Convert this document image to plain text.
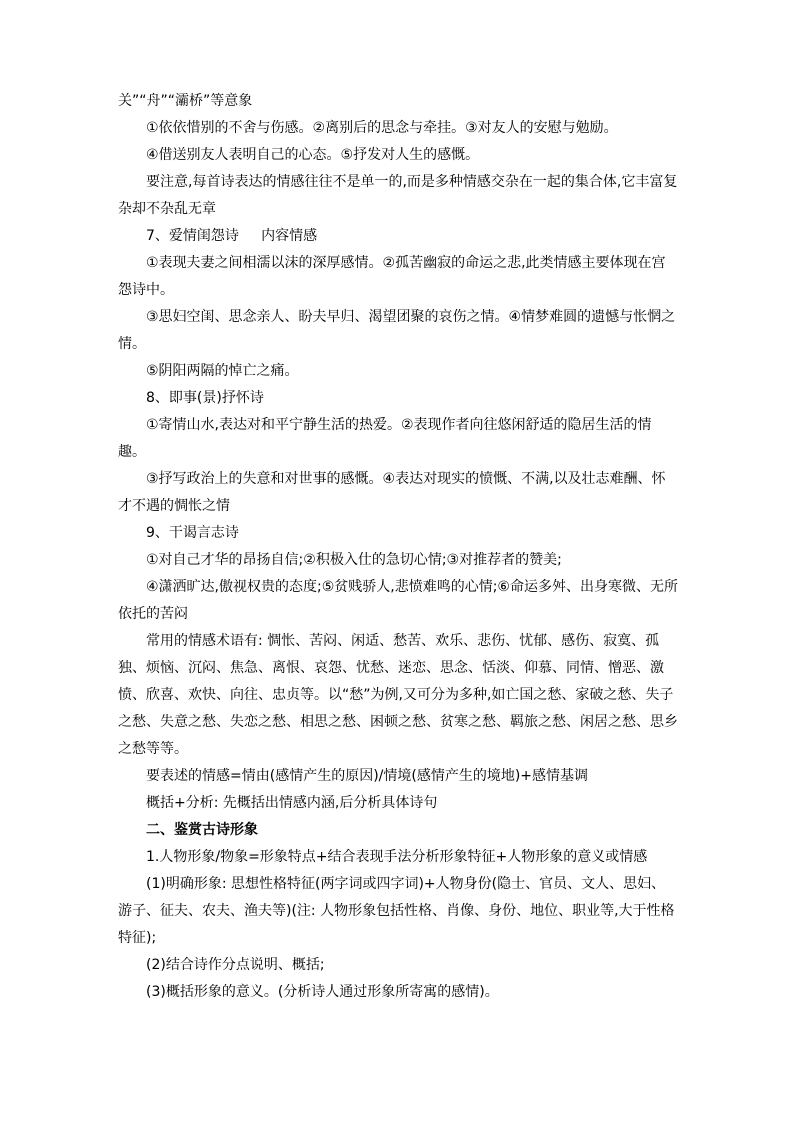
关”“舟”“灞桥”等意象

①依依惜别的不舍与伤感。②离别后的思念与牵挂。③对友人的安慰与勉励。

④借送别友人表明自己的心态。⑤抒发对人生的感慨。

要注意,每首诗表达的情感往往不是单一的,而是多种情感交杂在一起的集合体,它丰富复杂却不杂乱无章

7、爱情闺怨诗     内容情感

①表现夫妻之间相濡以沫的深厚感情。②孤苦幽寂的命运之悲,此类情感主要体现在宫怨诗中。

③思妇空闺、思念亲人、盼夫早归、渴望团聚的哀伤之情。④情梦难圆的遗憾与怅惘之情。

⑤阴阳两隔的悼亡之痛。

8、即事(景)抒怀诗

①寄情山水,表达对和平宁静生活的热爱。②表现作者向往悠闲舒适的隐居生活的情趣。

③抒写政治上的失意和对世事的感慨。④表达对现实的愤慨、不满,以及壮志难酬、怀才不遇的惆怅之情

9、干谒言志诗

①对自己才华的昂扬自信;②积极入仕的急切心情;③对推荐者的赞美;

④潇洒旷达,傲视权贵的态度;⑤贫贱骄人,悲愤难鸣的心情;⑥命运多舛、出身寒微、无所依托的苦闷

常用的情感术语有: 惆怅、苦闷、闲适、愁苦、欢乐、悲伤、忧郁、感伤、寂寞、孤独、烦恼、沉闷、焦急、离恨、哀怨、忧愁、迷恋、思念、恬淡、仰慕、同情、憎恶、激愤、欣喜、欢快、向往、忠贞等。以“愁”为例,又可分为多种,如亡国之愁、家破之愁、失子之愁、失意之愁、失恋之愁、相思之愁、困顿之愁、贫寒之愁、羁旅之愁、闲居之愁、思乡之愁等等。

要表述的情感=情由(感情产生的原因)/情境(感情产生的境地)+感情基调

概括+分析: 先概括出情感内涵,后分析具体诗句

二、鉴赏古诗形象

1.人物形象/物象=形象特点+结合表现手法分析形象特征+人物形象的意义或情感

(1)明确形象: 思想性格特征(两字词或四字词)+人物身份(隐士、官员、文人、思妇、游子、征夫、农夫、渔夫等)(注: 人物形象包括性格、肖像、身份、地位、职业等,大于性格特征);

(2)结合诗作分点说明、概括;

(3)概括形象的意义。(分析诗人通过形象所寄寓的感情)。
